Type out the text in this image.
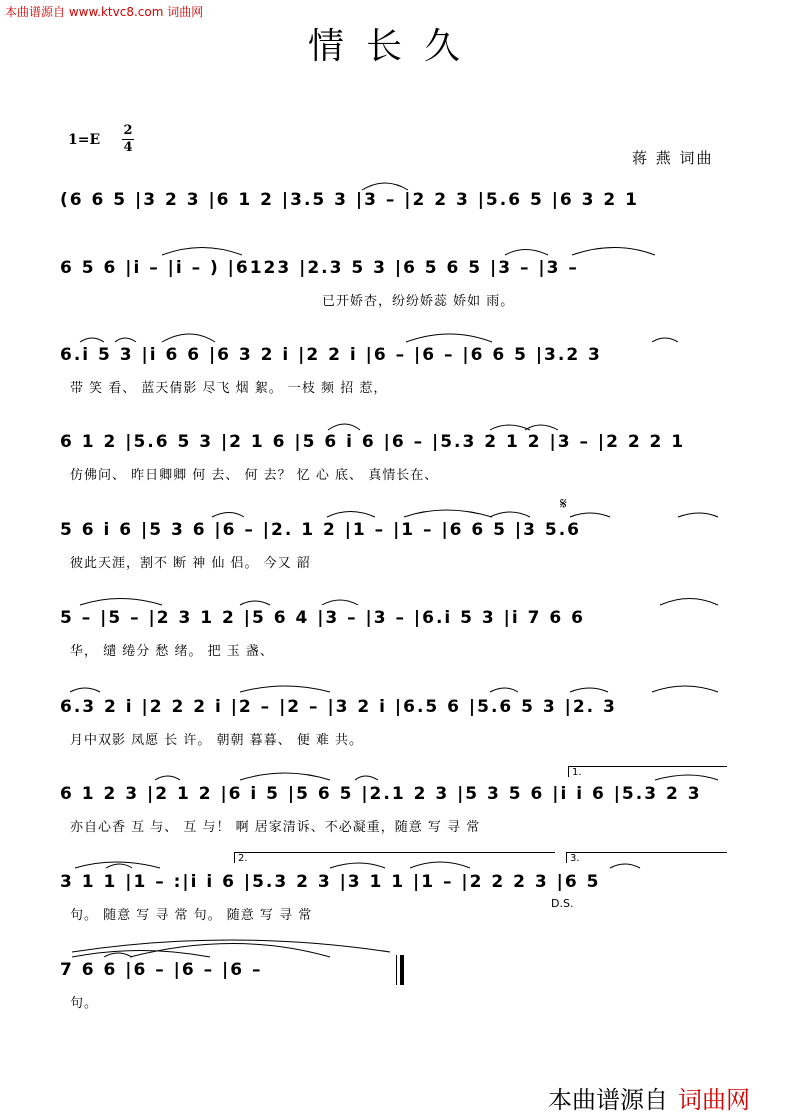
本曲谱源自 www.ktvc8.com 词曲网
情长久
1=E
2
4
蒋 燕 词曲
(6 6 5 |3 2 3 |6 1 2 |3.5 3 |3 – |2 2 3 |5.6 5 |6 3 2 1
6 5 6 |i – |i – ) |6123 |2.3 5 3 |6 5 6 5 |3 – |3 –
已开娇杏，纷纷娇蕊 娇如 雨。
6.i 5 3 |i 6 6 |6 3 2 i |2 2 i |6 – |6 – |6 6 5 |3.2 3
带 笑 看、 蓝天倩影 尽飞 烟 絮。 一枝 频 招 惹，
6 1 2 |5.6 5 3 |2 1 6 |5 6 i 6 |6 – |5.3 2 1 2 |3 – |2 2 2 1
仿佛问、 昨日卿卿 何 去、 何 去？ 忆 心 底、 真情长在、
5 6 i 6 |5 3 6 |6 – |2. 1 2 |1 – |1 – |6 6 5 |3 5.6
彼此天涯，割不 断 神 仙 侣。 今又 韶
5 – |5 – |2 3 1 2 |5 6 4 |3 – |3 – |6.i 5 3 |i 7 6 6
华， 缱 绻分 愁 绪。 把 玉 盏、
6.3 2 i |2 2 2 i |2 – |2 – |3 2 i |6.5 6 |5.6 5 3 |2. 3
月中双影 凤愿 长 许。 朝朝 暮暮、 便 难 共。
6 1 2 3 |2 1 2 |6 i 5 |5 6 5 |2.1 2 3 |5 3 5 6 |i i 6 |5.3 2 3
亦自心香 互 与、 互 与！ 啊 居家清诉、不必凝重，随意 写 寻 常
3 1 1 |1 – :|i i 6 |5.3 2 3 |3 1 1 |1 – |2 2 2 3 |6 5
句。 随意 写 寻 常 句。 随意 写 寻 常
7 6 6 |6 – |6 – |6 –
句。
1.
2.	3.
𝄋
D.S.
本曲谱源自 词曲网
